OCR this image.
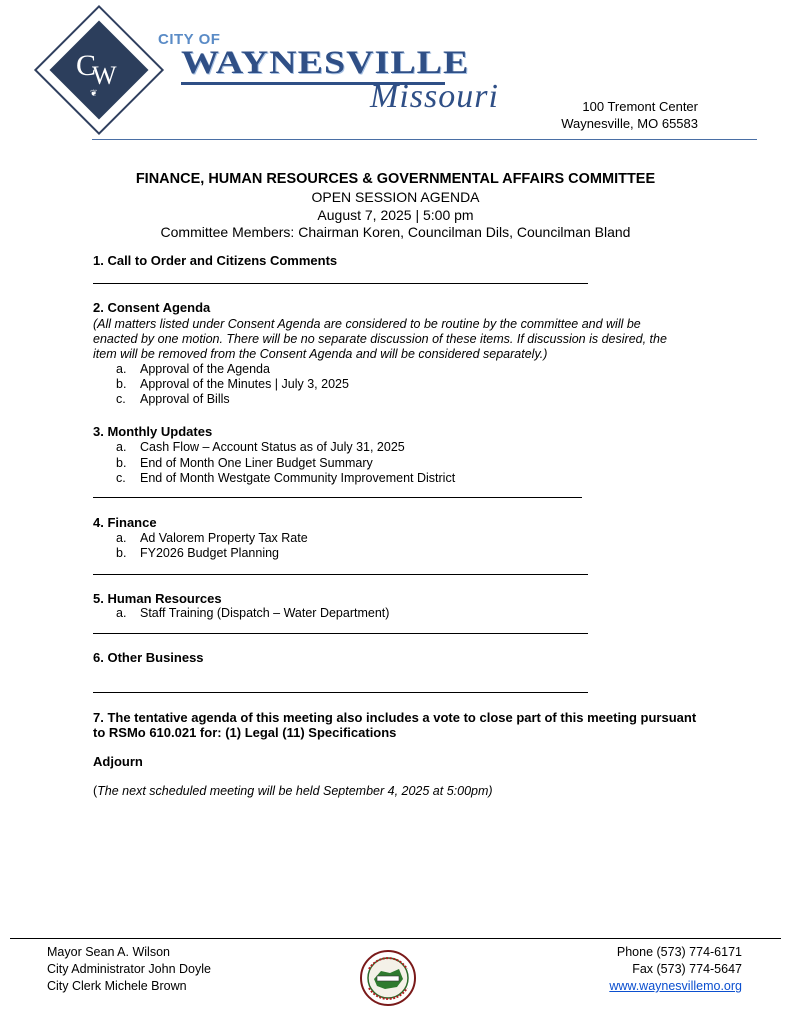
C
W
❦
CITY OF
WAYNESVILLE
Missouri	100 Tremont Center
Waynesville, MO 65583
FINANCE, HUMAN RESOURCES & GOVERNMENTAL AFFAIRS COMMITTEE
OPEN SESSION AGENDA
August 7, 2025 | 5:00 pm
Committee Members: Chairman Koren, Councilman Dils, Councilman Bland
1. Call to Order and Citizens Comments
2. Consent Agenda
(All matters listed under Consent Agenda are considered to be routine by the committee and will be
enacted by one motion. There will be no separate discussion of these items. If discussion is desired, the
item will be removed from the Consent Agenda and will be considered separately.)
a. Approval of the Agenda
b. Approval of the Minutes | July 3, 2025
c. Approval of Bills
3. Monthly Updates
a. Cash Flow – Account Status as of July 31, 2025
b. End of Month One Liner Budget Summary
c. End of Month Westgate Community Improvement District
4. Finance
a. Ad Valorem Property Tax Rate
b. FY2026 Budget Planning
5. Human Resources
a. Staff Training (Dispatch – Water Department)
6. Other Business
7. The tentative agenda of this meeting also includes a vote to close part of this meeting pursuant
to RSMo 610.021 for: (1) Legal (11) Specifications
Adjourn
(The next scheduled meeting will be held September 4, 2025 at 5:00pm)
Mayor Sean A. Wilson
City Administrator John Doyle
City Clerk Michele Brown
Phone (573) 774-6171
Fax (573) 774-5647
www.waynesvillemo.org
